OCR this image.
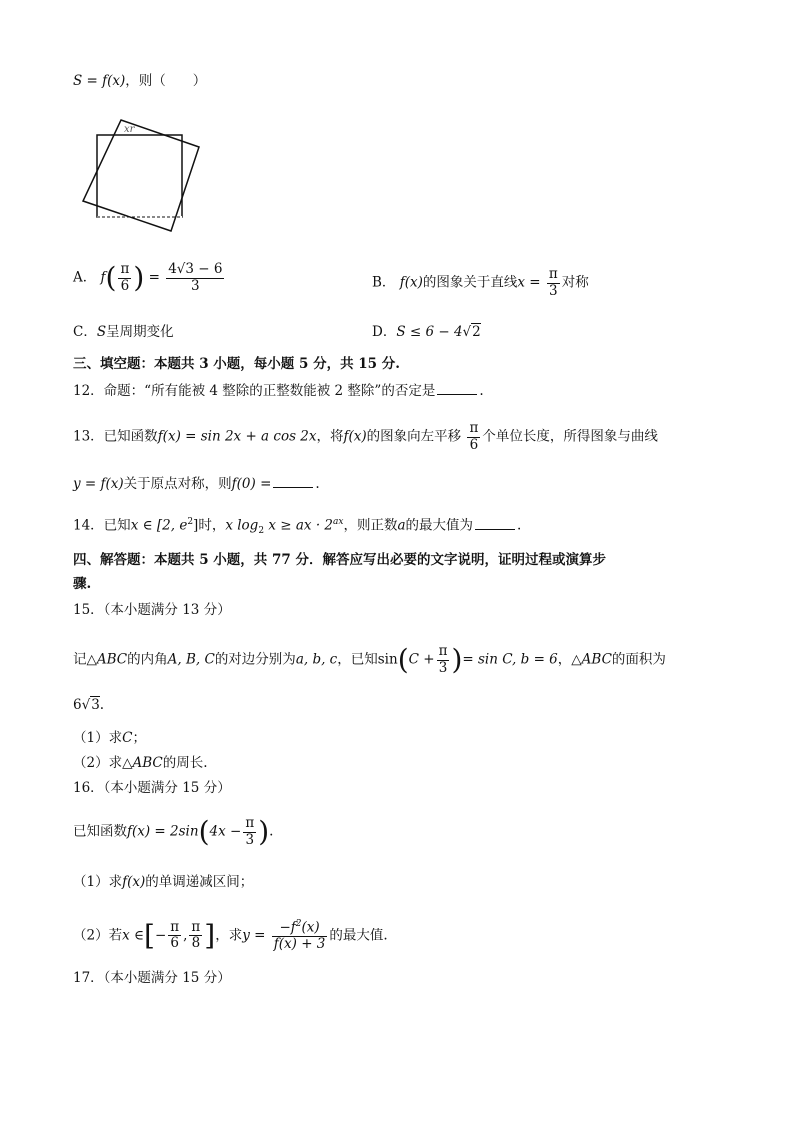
S = f(x)，则（　　）
xr
A． $f( \frac{\pi}{6}$ ) = $\frac{4√3 - 6}{3}$	B． f(x)的图象关于直线$x = \frac{\pi}{3}$ 对称
C．S呈周期变化	D．S ≤ 6 − 4√2
三、填空题：本题共 3 小题，每小题 5 分，共 15 分.
12．命题：“所有能被 4 整除的正整数能被 2 整除”的否定是	.
13．已知函数f(x) = sin 2x + a cos 2x，将f(x)的图象向左平移 $\frac{\pi}{6}$ 个单位长度，所得图象与曲线
y = f(x)关于原点对称，则f(0) =	.
14．已知x ∈ [2, $e^2$]时，x $\log_2 x$ ≥ ax · $2^{ax}$，则正数a的最大值为	.
四、解答题：本题共 5 小题，共 77 分．解答应写出必要的文字说明，证明过程或演算步
骤.
15．（本小题满分 13 分）
记△ABC的内角A, B, C的对边分别为a, b, c，已知$\sin(C + \frac{\pi}{3}$ )= sin C, b = 6，△ABC的面积为
6√3.
（1）求C；
（2）求△ABC的周长.
16．（本小题满分 15 分）
已知函数$f(x) = 2\sin(4x - \frac{\pi}{3}$ ).
（1）求f(x)的单调递减区间；
（2）若x ∈[− $\frac{\pi}{6}$ , $\frac{\pi}{8}$ ]，求$y = \frac{-f^2(x)}{f(x) + 3}$ 的最大值.
17．（本小题满分 15 分）
